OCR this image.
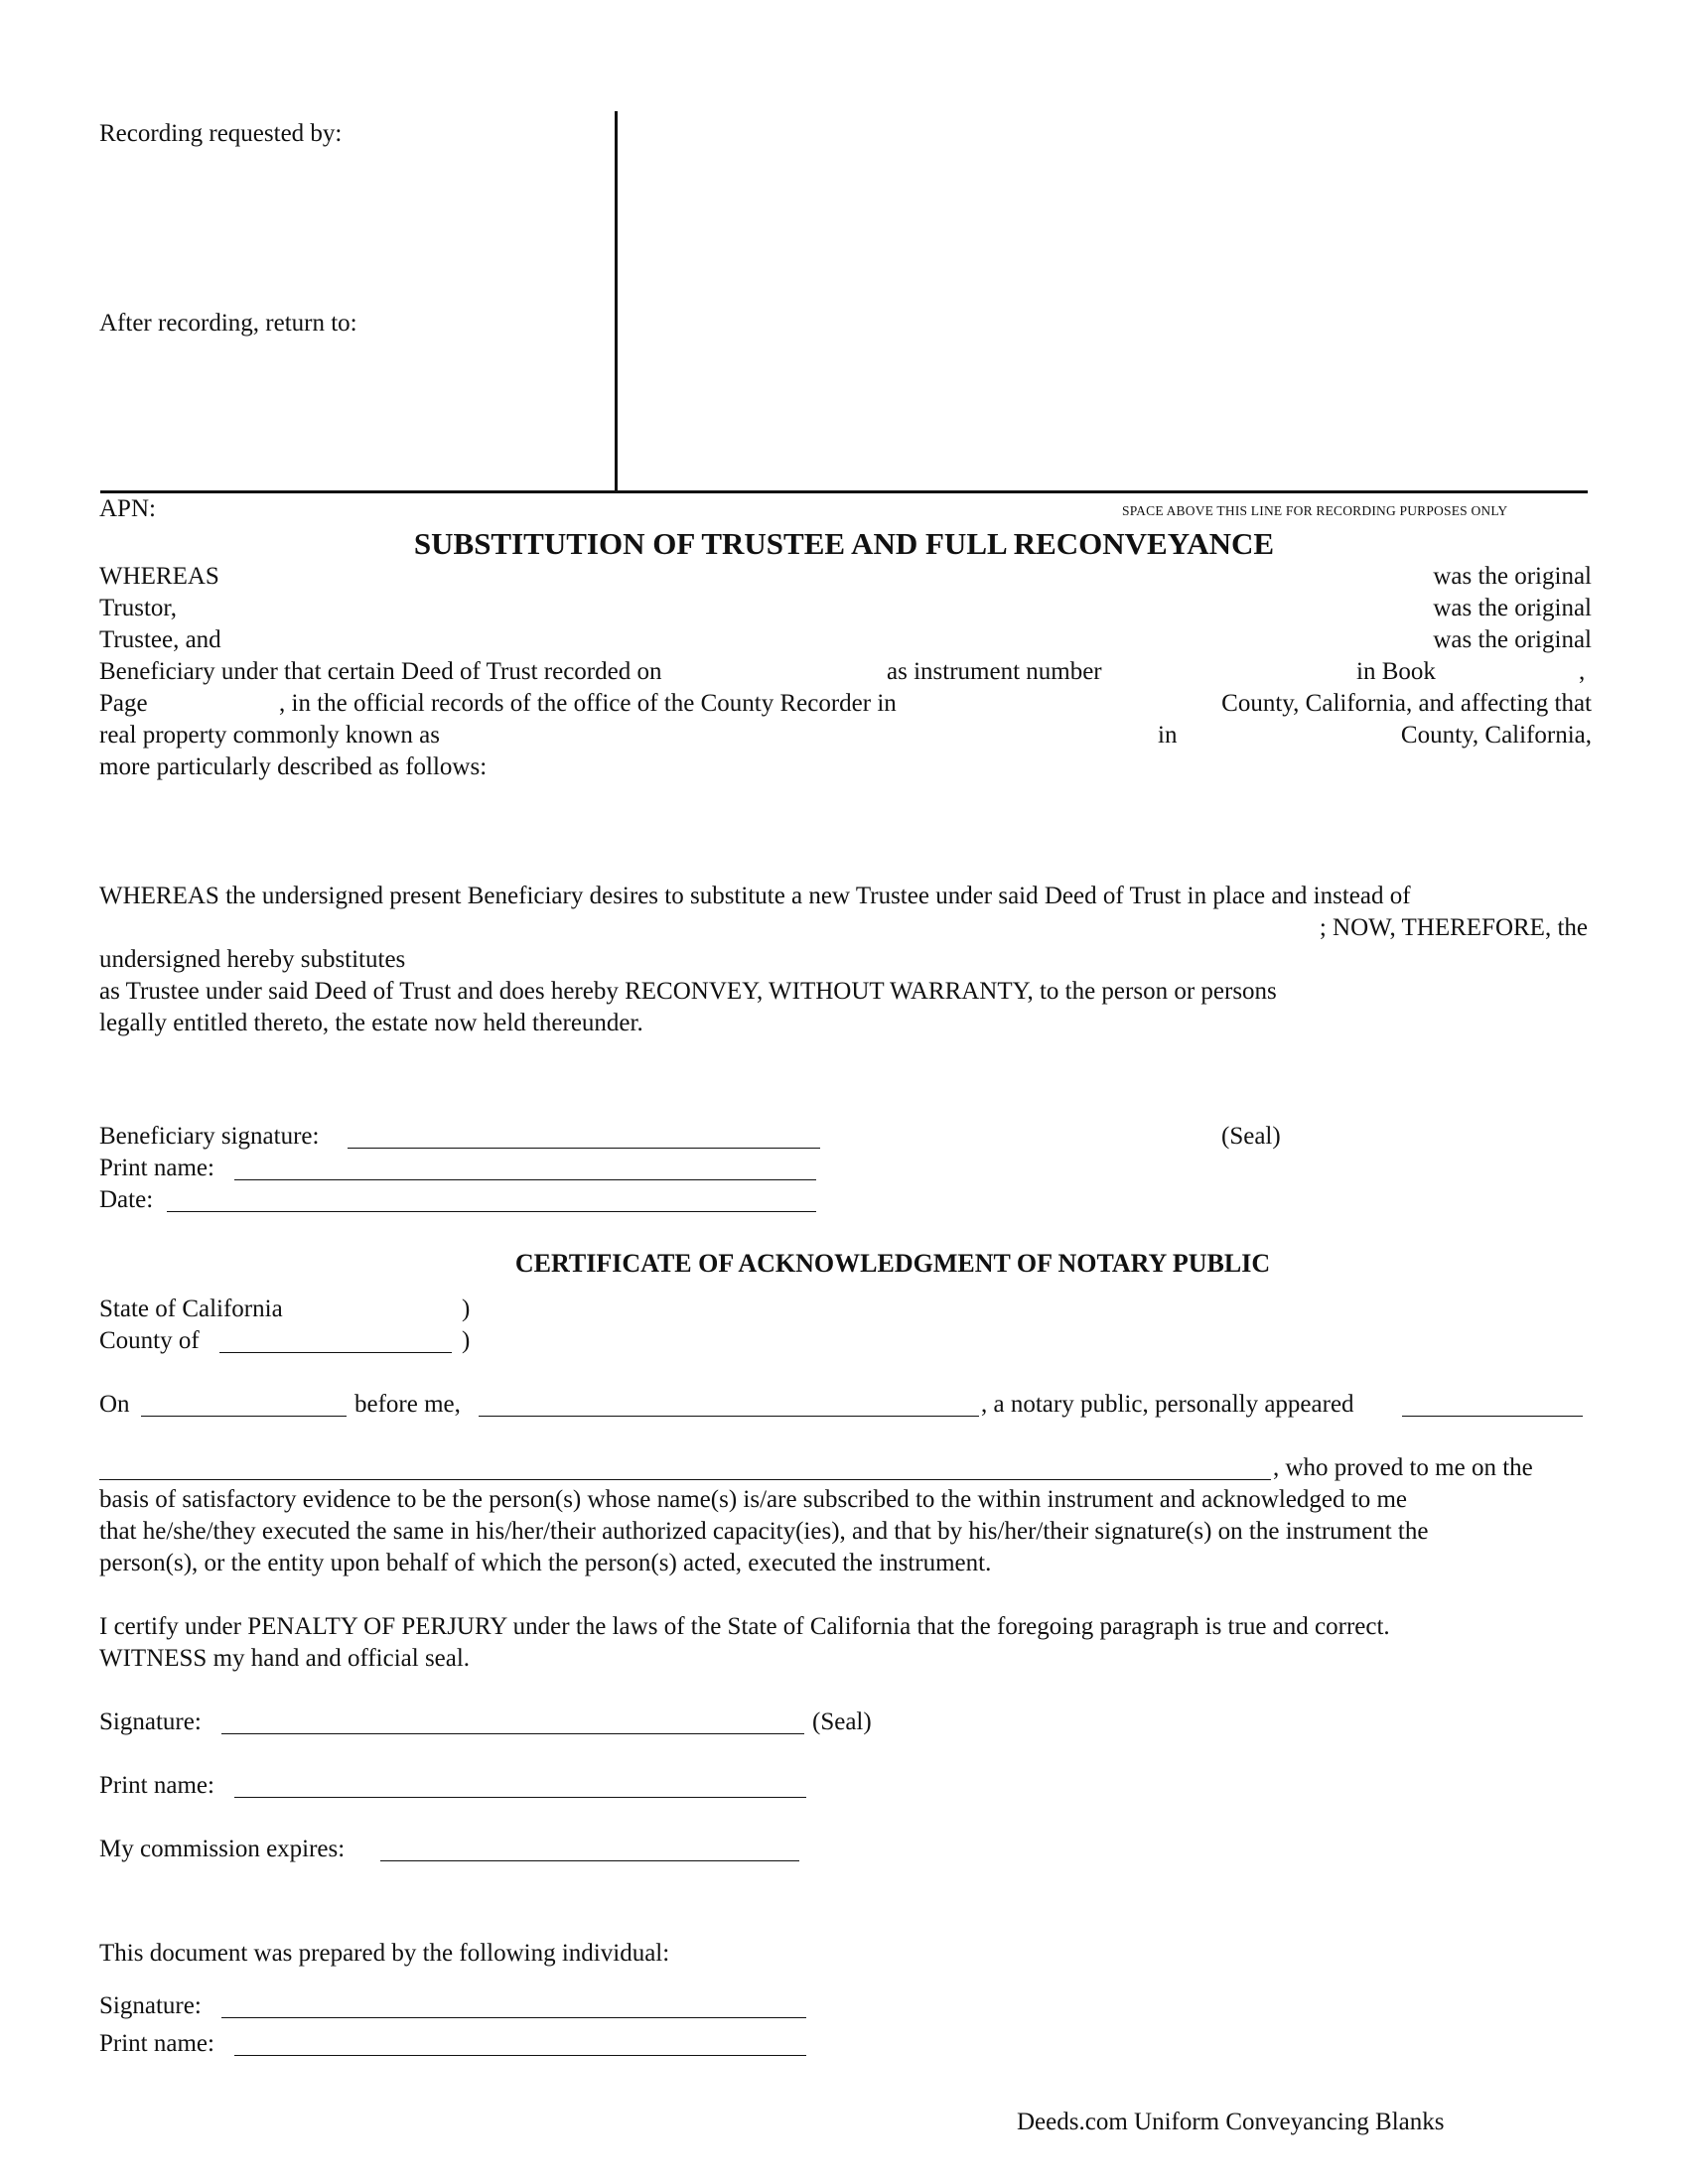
Recording requested by:
After recording, return to:
APN:	SPACE ABOVE THIS LINE FOR RECORDING PURPOSES ONLY
SUBSTITUTION OF TRUSTEE AND FULL RECONVEYANCE
WHEREAS	was the original
Trustor,	was the original
Trustee, and	was the original
Beneficiary under that certain Deed of Trust recorded on	as instrument number	in Book	,
Page	, in the official records of the office of the County Recorder in	County, California, and affecting that
real property commonly known as	in	County, California,
more particularly described as follows:
WHEREAS the undersigned present Beneficiary desires to substitute a new Trustee under said Deed of Trust in place and instead of
; NOW, THEREFORE, the
undersigned hereby substitutes
as Trustee under said Deed of Trust and does hereby RECONVEY, WITHOUT WARRANTY, to the person or persons
legally entitled thereto, the estate now held thereunder.
Beneficiary signature:	(Seal)
Print name:
Date:
CERTIFICATE OF ACKNOWLEDGMENT OF NOTARY PUBLIC
State of California	)
County of	)
On	before me,	, a notary public, personally appeared
, who proved to me on the
basis of satisfactory evidence to be the person(s) whose name(s) is/are subscribed to the within instrument and acknowledged to me
that he/she/they executed the same in his/her/their authorized capacity(ies), and that by his/her/their signature(s) on the instrument the
person(s), or the entity upon behalf of which the person(s) acted, executed the instrument.
I certify under PENALTY OF PERJURY under the laws of the State of California that the foregoing paragraph is true and correct.
WITNESS my hand and official seal.
Signature:	(Seal)
Print name:
My commission expires:
This document was prepared by the following individual:
Signature:
Print name:
Deeds.com Uniform Conveyancing Blanks
